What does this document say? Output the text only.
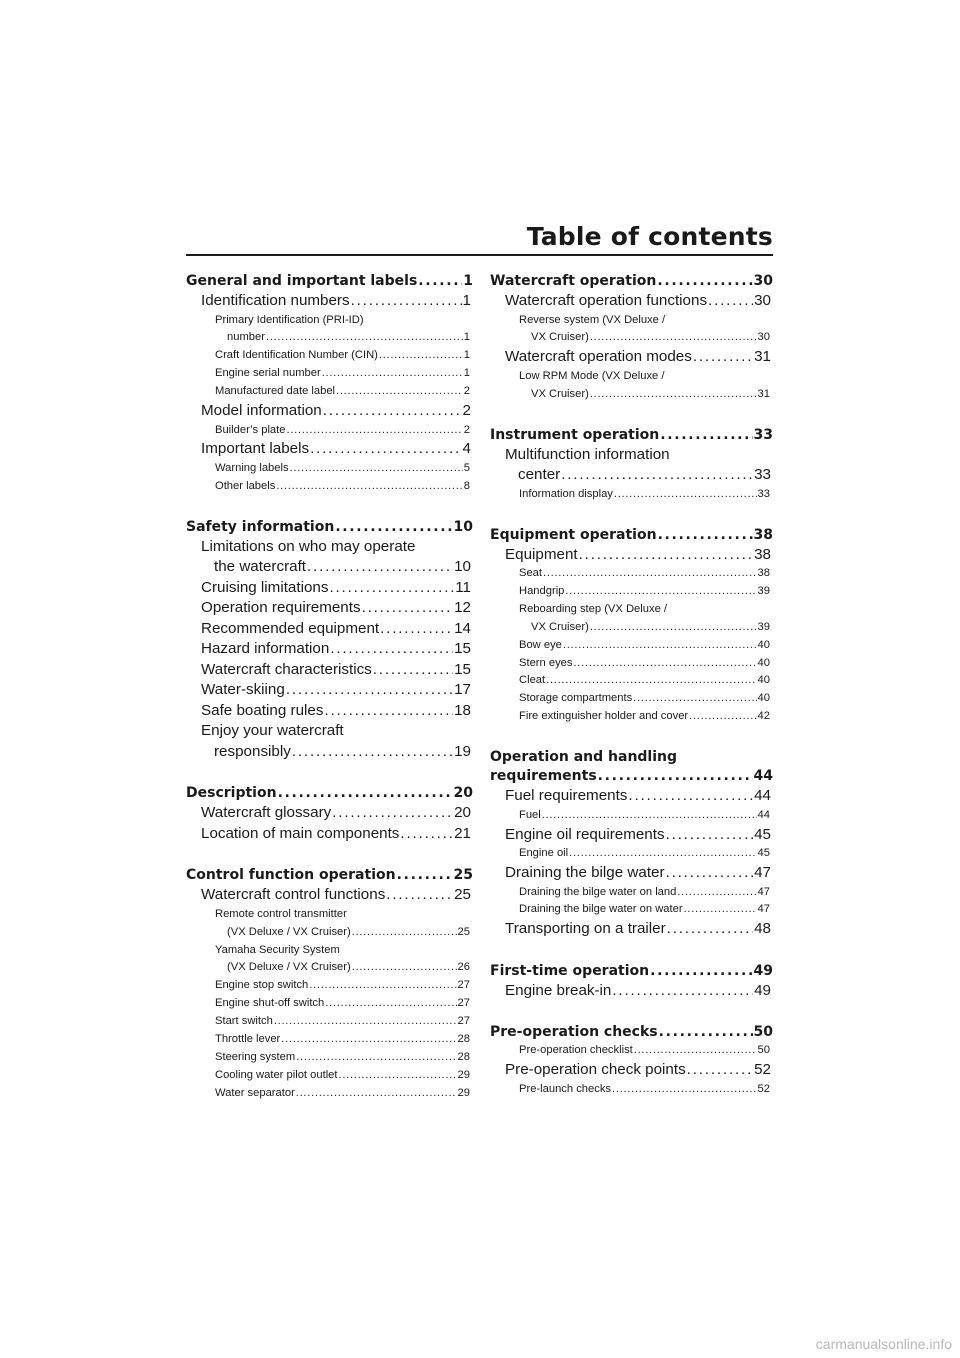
Table of contents
General and important labels . . .	1
Identification numbers . . .	1
Primary Identification (PRI-ID)
number . . .	1
Craft Identification Number (CIN) . . .	1
Engine serial number . . .	1
Manufactured date label . . .	2
Model information . . .	2
Builder’s plate . . .	2
Important labels . . .	4
Warning labels . . .	5
Other labels . . .	8
Safety information . . .	10
Limitations on who may operate
the watercraft . . .	10
Cruising limitations . . .	11
Operation requirements . . .	12
Recommended equipment . . .	14
Hazard information . . .	15
Watercraft characteristics . . .	15
Water-skiing . . .	17
Safe boating rules . . .	18
Enjoy your watercraft
responsibly . . .	19
Description . . .	20
Watercraft glossary . . .	20
Location of main components . . .	21
Control function operation . . .	25
Watercraft control functions . . .	25
Remote control transmitter
(VX Deluxe / VX Cruiser) . . .	25
Yamaha Security System
(VX Deluxe / VX Cruiser) . . .	26
Engine stop switch . . .	27
Engine shut-off switch . . .	27
Start switch . . .	27
Throttle lever . . .	28
Steering system . . .	28
Cooling water pilot outlet . . .	29
Water separator . . .	29
Watercraft operation . . .	30
Watercraft operation functions . . .	30
Reverse system (VX Deluxe /
VX Cruiser) . . .	30
Watercraft operation modes . . .	31
Low RPM Mode (VX Deluxe /
VX Cruiser) . . .	31
Instrument operation . . .	33
Multifunction information
center . . .	33
Information display . . .	33
Equipment operation . . .	38
Equipment . . .	38
Seat . . .	38
Handgrip . . .	39
Reboarding step (VX Deluxe /
VX Cruiser) . . .	39
Bow eye . . .	40
Stern eyes . . .	40
Cleat . . .	40
Storage compartments . . .	40
Fire extinguisher holder and cover . . .	42
Operation and handling
requirements . . .	44
Fuel requirements . . .	44
Fuel . . .	44
Engine oil requirements . . .	45
Engine oil . . .	45
Draining the bilge water . . .	47
Draining the bilge water on land . . .	47
Draining the bilge water on water . . .	47
Transporting on a trailer . . .	48
First-time operation . . .	49
Engine break-in . . .	49
Pre-operation checks . . .	50
Pre-operation checklist . . .	50
Pre-operation check points . . .	52
Pre-launch checks . . .	52
carmanualsonline.info
